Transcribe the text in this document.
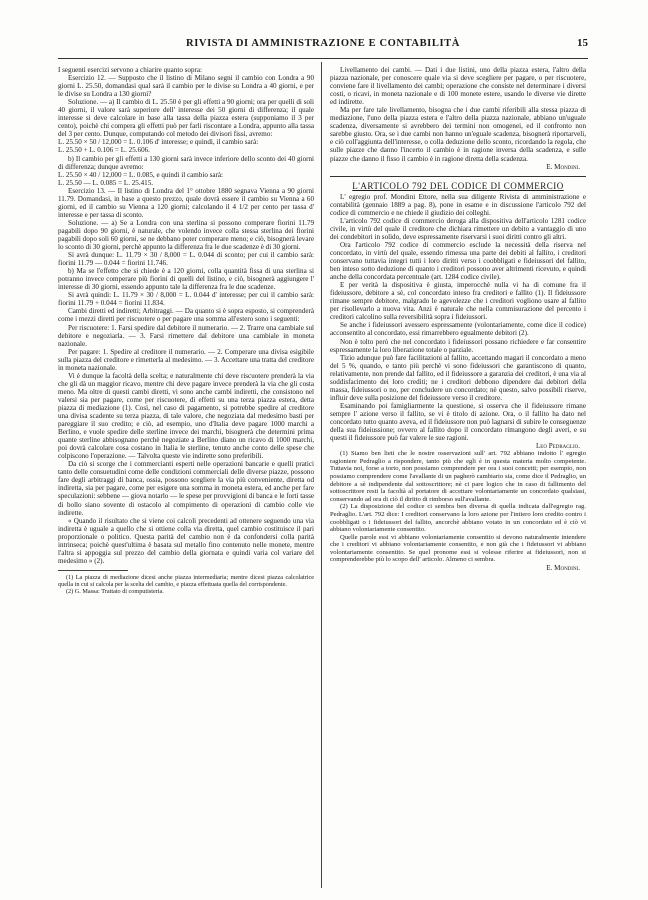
RIVISTA DI AMMINISTRAZIONE E CONTABILITÀ	15

I seguenti esercizi servono a chiarire quanto sopra:

Esercizio 12. — Supposto che il listino di Milano segni il cambio con Londra a 90 giorni L. 25.50, domandasi qual sarà il cambio per le divise su Londra a 40 giorni, e per le divise su Londra a 130 giorni?

Soluzione. — a) Il cambio di L. 25.50 è per gli effetti a 90 giorni; ora per quelli di soli 40 giorni, il valore sarà superiore dell' interesse dei 50 giorni di differenza; il quale interesse si deve calcolare in base alla tassa della piazza estera (supponiamo il 3 per cento), poichè chi compera gli effetti può per farli riscontare a Londra, appunto alla tassa del 3 per cento. Dunque, computando col metodo dei divisori fissi, avremo:

L. 25.50 × 50 / 12,000 = L. 0.106 d' interesse; e quindi, il cambio sarà:

L. 25.50 + L. 0.106 = L. 25.606.

b) Il cambio per gli effetti a 130 giorni sarà invece inferiore dello sconto dei 40 giorni di differenza; dunque avremo:

L. 25.50 × 40 / 12,000 = L. 0.085, e quindi il cambio sarà:

L. 25.50 — L. 0.085 = L. 25.415.

Esercizio 13. — Il listino di Londra del 1° ottobre 1880 segnava Vienna a 90 giorni 11.79. Domandasi, in base a questo prezzo, quale dovrà essere il cambio su Vienna a 60 giorni, ed il cambio su Vienna a 120 giorni; calcolando il 4 1/2 per cento per tassa d' interesse e per tassa di sconto.

Soluzione. — a) Se a Londra con una sterlina si possono comperare fiorini 11.79 pagabili dopo 90 giorni, è naturale, che volendo invece colla stessa sterlina dei fiorini pagabili dopo soli 60 giorni, se ne debbano poter comperare meno; e ciò, bisognerà levare lo sconto di 30 giorni, perchè appunto la differenza fra le due scadenze è di 30 giorni.

Si avrà dunque: L. 11.79 × 30 / 8,000 = L. 0.044 di sconto; per cui il cambio sarà: fiorini 11.79 — 0.044 = fiorini 11.746.

b) Ma se l'effetto che si chiede è a 120 giorni, colla quantità fissa di una sterlina si potranno invece comperare più fiorini di quelli del listino, e ciò, bisognerà aggiungere l' interesse di 30 giorni, essendo appunto tale la differenza fra le due scadenze.

Si avrà quindi: L. 11.79 × 30 / 8,000 = L. 0.044 d' interesse; per cui il cambio sarà: fiorini 11.79 + 0.044 = fiorini 11.834.

Cambi diretti ed indiretti; Arbitraggi. — Da quanto si è sopra esposto, si comprenderà come i mezzi diretti per riscuotere o per pagare una somma all'estero sono i seguenti:

Per riscuotere: 1. Farsi spedire dal debitore il numerario. — 2. Trarre una cambiale sul debitore e negoziarla. — 3. Farsi rimettere dal debitore una cambiale in moneta nazionale.

Per pagare: 1. Spedire al creditore il numerario. — 2. Comperare una divisa esigibile sulla piazza del creditore e rimetterla al medesimo. — 3. Accettare una tratta del creditore in moneta nazionale.

Vi è dunque la facoltà della scelta; e naturalmente chi deve riscuotere prenderà la via che gli dà un maggior ricavo, mentre chi deve pagare invece prenderà la via che gli costa meno. Ma oltre di questi cambi diretti, vi sono anche cambi indiretti, che consistono nel valersi sia per pagare, come per riscuotere, di effetti su una terza piazza estera, detta piazza di mediazione (1). Così, nel caso di pagamento, si potrebbe spedire al creditore una divisa scadente su terza piazza, di tale valore, che negoziata dal medesimo basti per pareggiare il suo credito; e ciò, ad esempio, uno d'Italia deve pagare 1000 marchi a Berlino, e vuole spedire delle sterline invece dei marchi, bisognerà che determini prima quante sterline abbisognano perchè negoziate a Berlino diano un ricavo di 1000 marchi, poi dovrà calcolare cosa costano in Italia le sterline, tenuto anche conto delle spese che colpiscono l'operazione. — Talvolta queste vie indirette sono preferibili.

Da ciò si scorge che i commercianti esperti nelle operazioni bancarie e quelli pratici tanto delle consuetudini come delle condizioni commerciali delle diverse piazze, possono fare degli arbitraggi di banca, ossia, possono scegliere la via più conveniente, diretta od indiretta, sia per pagare, come per esigere una somma in moneta estera, ed anche per fare speculazioni: sebbene — giova notarlo — le spese per provvigioni di banca e le forti tasse di bollo siano sovente di ostacolo al compimento di operazioni di cambio colle vie indirette.

« Quando il risultato che si viene coi calcoli precedenti ad ottenere seguendo una via indiretta è uguale a quello che si ottiene colla via diretta, quel cambio costituisce il pari proporzionale o politico. Questa parità del cambio non è da confondersi colla parità intrinseca; poichè quest'ultima è basata sul metallo fino contenuto nelle monete, mentre l'altra si appoggia sul prezzo del cambio della giornata e quindi varia col variare del medesimo » (2).

(1) La piazza di mediazione dicesi anche piazza intermediaria; mentre dicesi piazza calcolatrice quella in cui si calcola per la scelta del cambio, e piazza effettuata quella del corrispondente.

(2) G. Massa: Trattato di computisteria.

Livellamento dei cambi. — Dati i due listini, uno della piazza estera, l'altro della piazza nazionale, per conoscere quale via si deve scegliere per pagare, o per riscuotere, conviene fare il livellamento dei cambi; operazione che consiste nel determinare i diversi costi, o ricavi, in moneta nazionale e di 100 monete estere, usando le diverse vie dirette ed indirette.

Ma per fare tale livellamento, bisogna che i due cambi riferibili alla stessa piazza di mediazione, l'uno della piazza estera e l'altro della piazza nazionale, abbiano un'uguale scadenza, diversamente si avrebbero dei termini non omogenei, ed il confronto non sarebbe giusto. Ora, se i due cambi non hanno un'eguale scadenza, bisognerà riportarveli, e ciò coll'aggiunta dell'interesse, o colla deduzione dello sconto, ricordando la regola, che sulle piazze che danno l'incerto il cambio è in ragione inversa della scadenza, e sulle piazze che danno il fisso il cambio è in ragione diretta della scadenza.

E. Mondini.
L'ARTICOLO 792 DEL CODICE DI COMMERCIO

L' egregio prof. Mondini Ettore, nella sua diligente Rivista di amministrazione e contabilità (gennaio 1889 a pag. 8), pone in esame e in discussione l'articolo 792 del codice di commercio e ne chiede il giudizio dei colleghi.

L'articolo 792 codice di commercio deroga alla dispositiva dell'articolo 1281 codice civile, in virtù del quale il creditore che dichiara rimettere un debito a vantaggio di uno dei condebitori in solido, deve espressamente riservarsi i suoi diritti contro gli altri.

Ora l'articolo 792 codice di commercio esclude la necessità della riserva nel concordato, in virtù del quale, essendo rimessa una parte dei debiti al fallito, i creditori conservano tuttavia integri tutti i loro diritti verso i coobbligati e fideiussori del fallito, ben inteso sotto deduzione di quanto i creditori possono aver altrimenti ricevuto, e quindi anche della concordata percentuale (art. 1284 codice civile).

E per verità la dispositiva è giusta, imperocchè nulla vi ha di comune fra il fideiussore, debitore a sè, col concordato inteso fra creditori e fallito (1). Il fideiussore rimane sempre debitore, malgrado le agevolezze che i creditori vogliono usare al fallito per risollevarlo a nuova vita. Anzi è naturale che nella commisurazione del percento i creditori calcolino sulla reversibilità sopra i fideiussori.

Se anche i fideiussori avessero espressamente (volontariamente, come dice il codice) acconsentito al concordato, essi rimarrebbero egualmente debitori (2).

Non è tolto però che nel concordato i fideiussori possano richiedere e far consentire espressamente la loro liberazione totale o parziale.

Tizio adunque può fare facilitazioni al fallito, accettando magari il concordato a meno del 5 %, quando, e tanto più perchè vi sono fideiussori che garantiscono di quanto, relativamente, non prende dal fallito, ed il fideiussore a garanzia dei creditori, è una via al soddisfacimento dei loro crediti; ne i creditori debbono dipendere dai debitori della massa, fideiussori o no, per concludere un concordato; nè questo, salvo possibili riserve, influir deve sulla posizione del fideiussore verso il creditore.

Esaminando poi famigliarmente la questione, si osserva che il fideiussore rimane sempre l' azione verso il fallito, se vi è titolo di azione. Ora, o il fallito ha dato nel concordato tutto quanto aveva, ed il fideiussore non può lagnarsi di subire le conseguenze della sua fideiussione; ovvero al fallito dopo il concordato rimangono degli averi, e su questi il fideiussore può far valere le sue ragioni.

Leo Pedraglio.

(1) Siamo ben lieti che le nostre osservazioni sull' art. 792 abbiano indotto l' egregio ragioniere Pedraglio a rispondere, tanto più che egli è in questa materia molto competente. Tuttavia noi, forse a torto, non possiamo comprendere per ora i suoi concetti; per esempio, non possiamo comprendere come l'avallante di un pagherò cambiario sia, come dice il Pedraglio, un debitore a sè indipendente dal sottoscrittore; nè ci pare logico che in caso di fallimento del sottoscrittore resti la facoltà al portatore di accettare volontariamente un concordato qualsiasi, conservando ad ora di ciò il diritto di rimborso sull'avallante.

(2) La disposizione del codice ci sembra ben diversa di quella indicata dall'egregio rag. Pedraglio. L'art. 792 dice: I creditori conservano la loro azione per l'intiero loro credito contro i coobbligati o i fideiussori del fallito, ancorchè abbiano votato in un concordato ed è ciò vi abbiano volontariamente consentito.

Quelle parole essi vi abbiano volontariamente consentito si devono naturalmente intendere che i creditori vi abbiano volontariamente consentito, e non già che i fideiussori vi abbiano volontariamente consentito. Se quel pronome essi si volesse riferire ai fideiussori, non si comprenderebbe più lo scopo dell' articolo. Almeno ci sembra.

E. Mondini.
